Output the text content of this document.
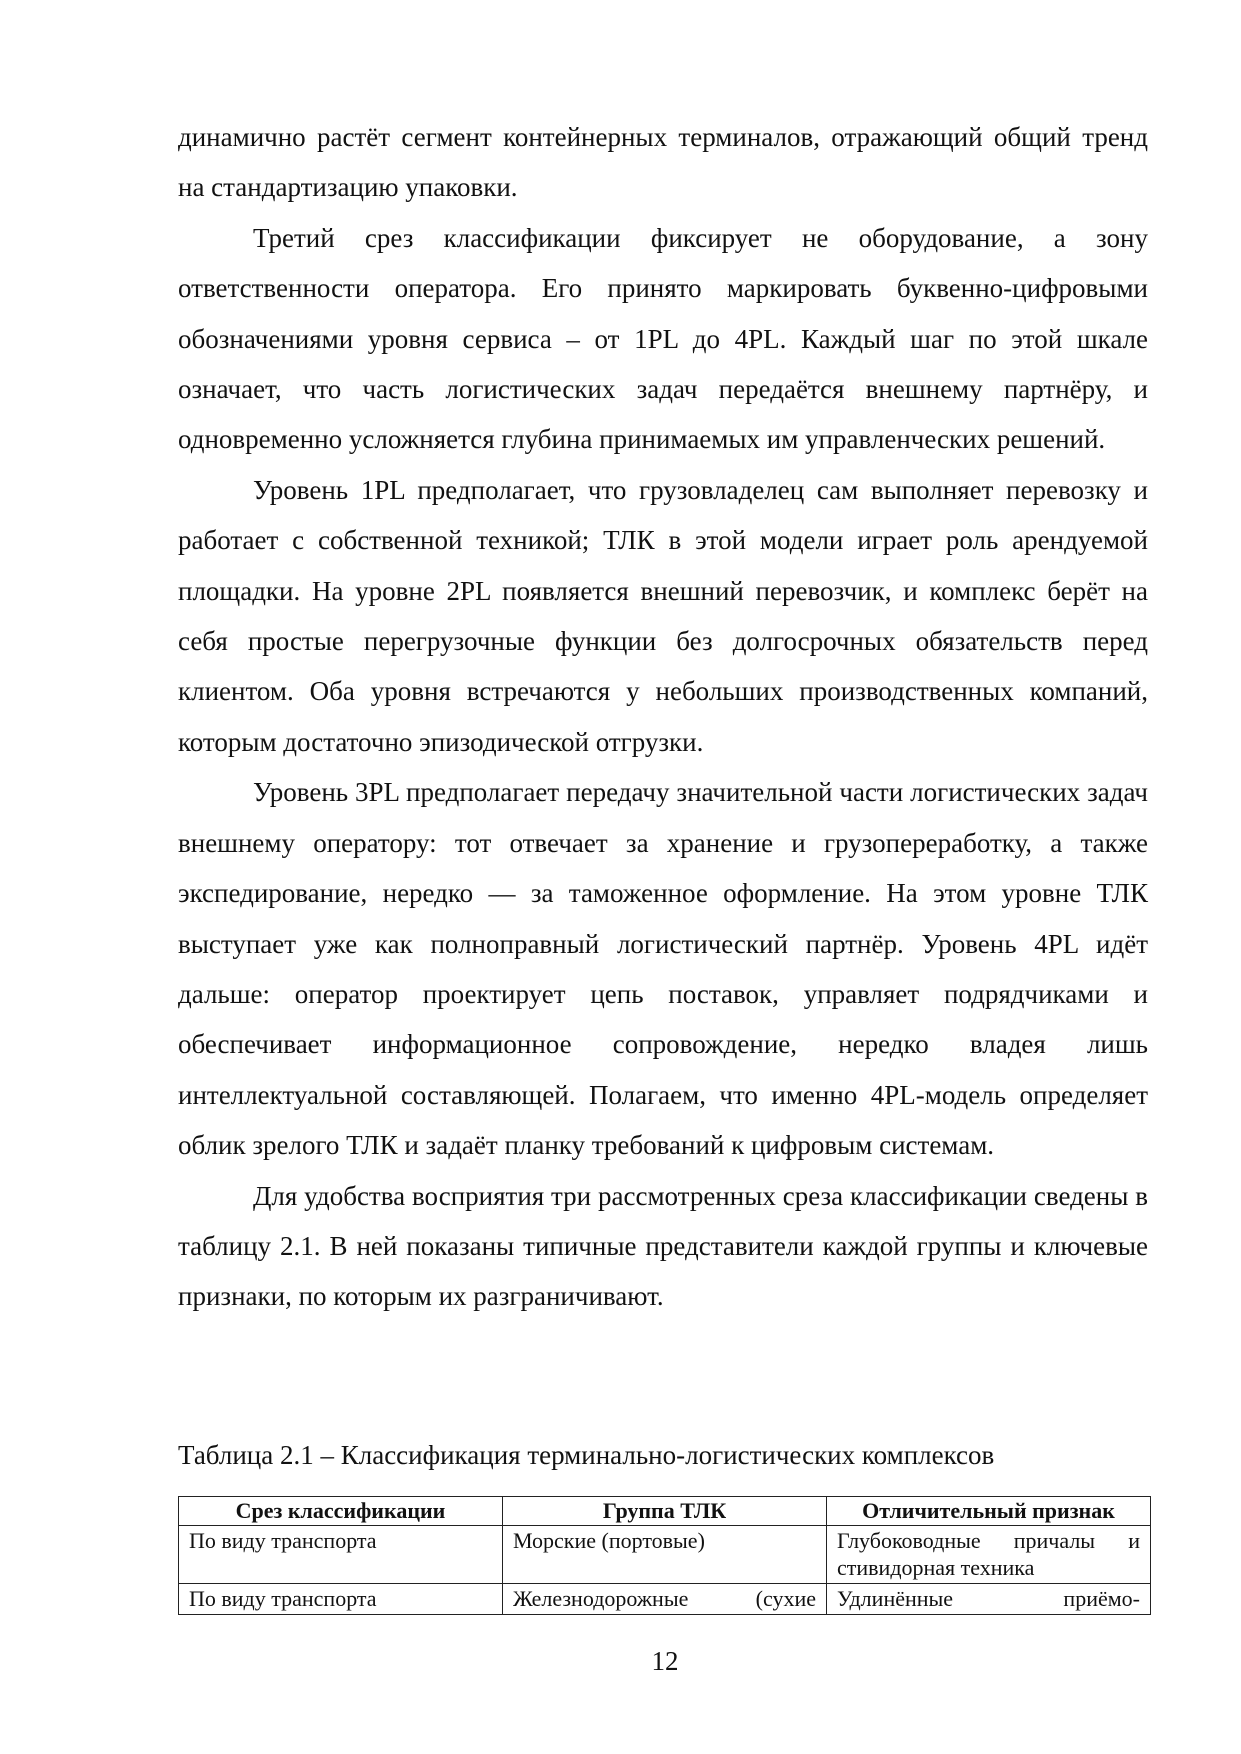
динамично растёт сегмент контейнерных терминалов, отражающий общий тренд на стандартизацию упаковки.

Третий срез классификации фиксирует не оборудование, а зону ответственности оператора. Его принято маркировать буквенно-цифровыми обозначениями уровня сервиса – от 1PL до 4PL. Каждый шаг по этой шкале означает, что часть логистических задач передаётся внешнему партнёру, и одновременно усложняется глубина принимаемых им управленческих решений.

Уровень 1PL предполагает, что грузовладелец сам выполняет перевозку и работает с собственной техникой; ТЛК в этой модели играет роль арендуемой площадки. На уровне 2PL появляется внешний перевозчик, и комплекс берёт на себя простые перегрузочные функции без долгосрочных обязательств перед клиентом. Оба уровня встречаются у небольших производственных компаний, которым достаточно эпизодической отгрузки.

Уровень 3PL предполагает передачу значительной части логистических задач внешнему оператору: тот отвечает за хранение и грузопереработку, а также экспедирование, нередко — за таможенное оформление. На этом уровне ТЛК выступает уже как полноправный логистический партнёр. Уровень 4PL идёт дальше: оператор проектирует цепь поставок, управляет подрядчиками и обеспечивает информационное сопровождение, нередко владея лишь интеллектуальной составляющей. Полагаем, что именно 4PL-модель определяет облик зрелого ТЛК и задаёт планку требований к цифровым системам.

Для удобства восприятия три рассмотренных среза классификации сведены в таблицу 2.1. В ней показаны типичные представители каждой группы и ключевые признаки, по которым их разграничивают.

Таблица 2.1 – Классификация терминально-логистических комплексов

Срез классификации	Группа ТЛК	Отличительный признак
По виду транспорта	Морские (портовые)	Глубоководные причалы и стивидорная техника
По виду транспорта	Железнодорожные (сухие	Удлинённые приёмо-
12
